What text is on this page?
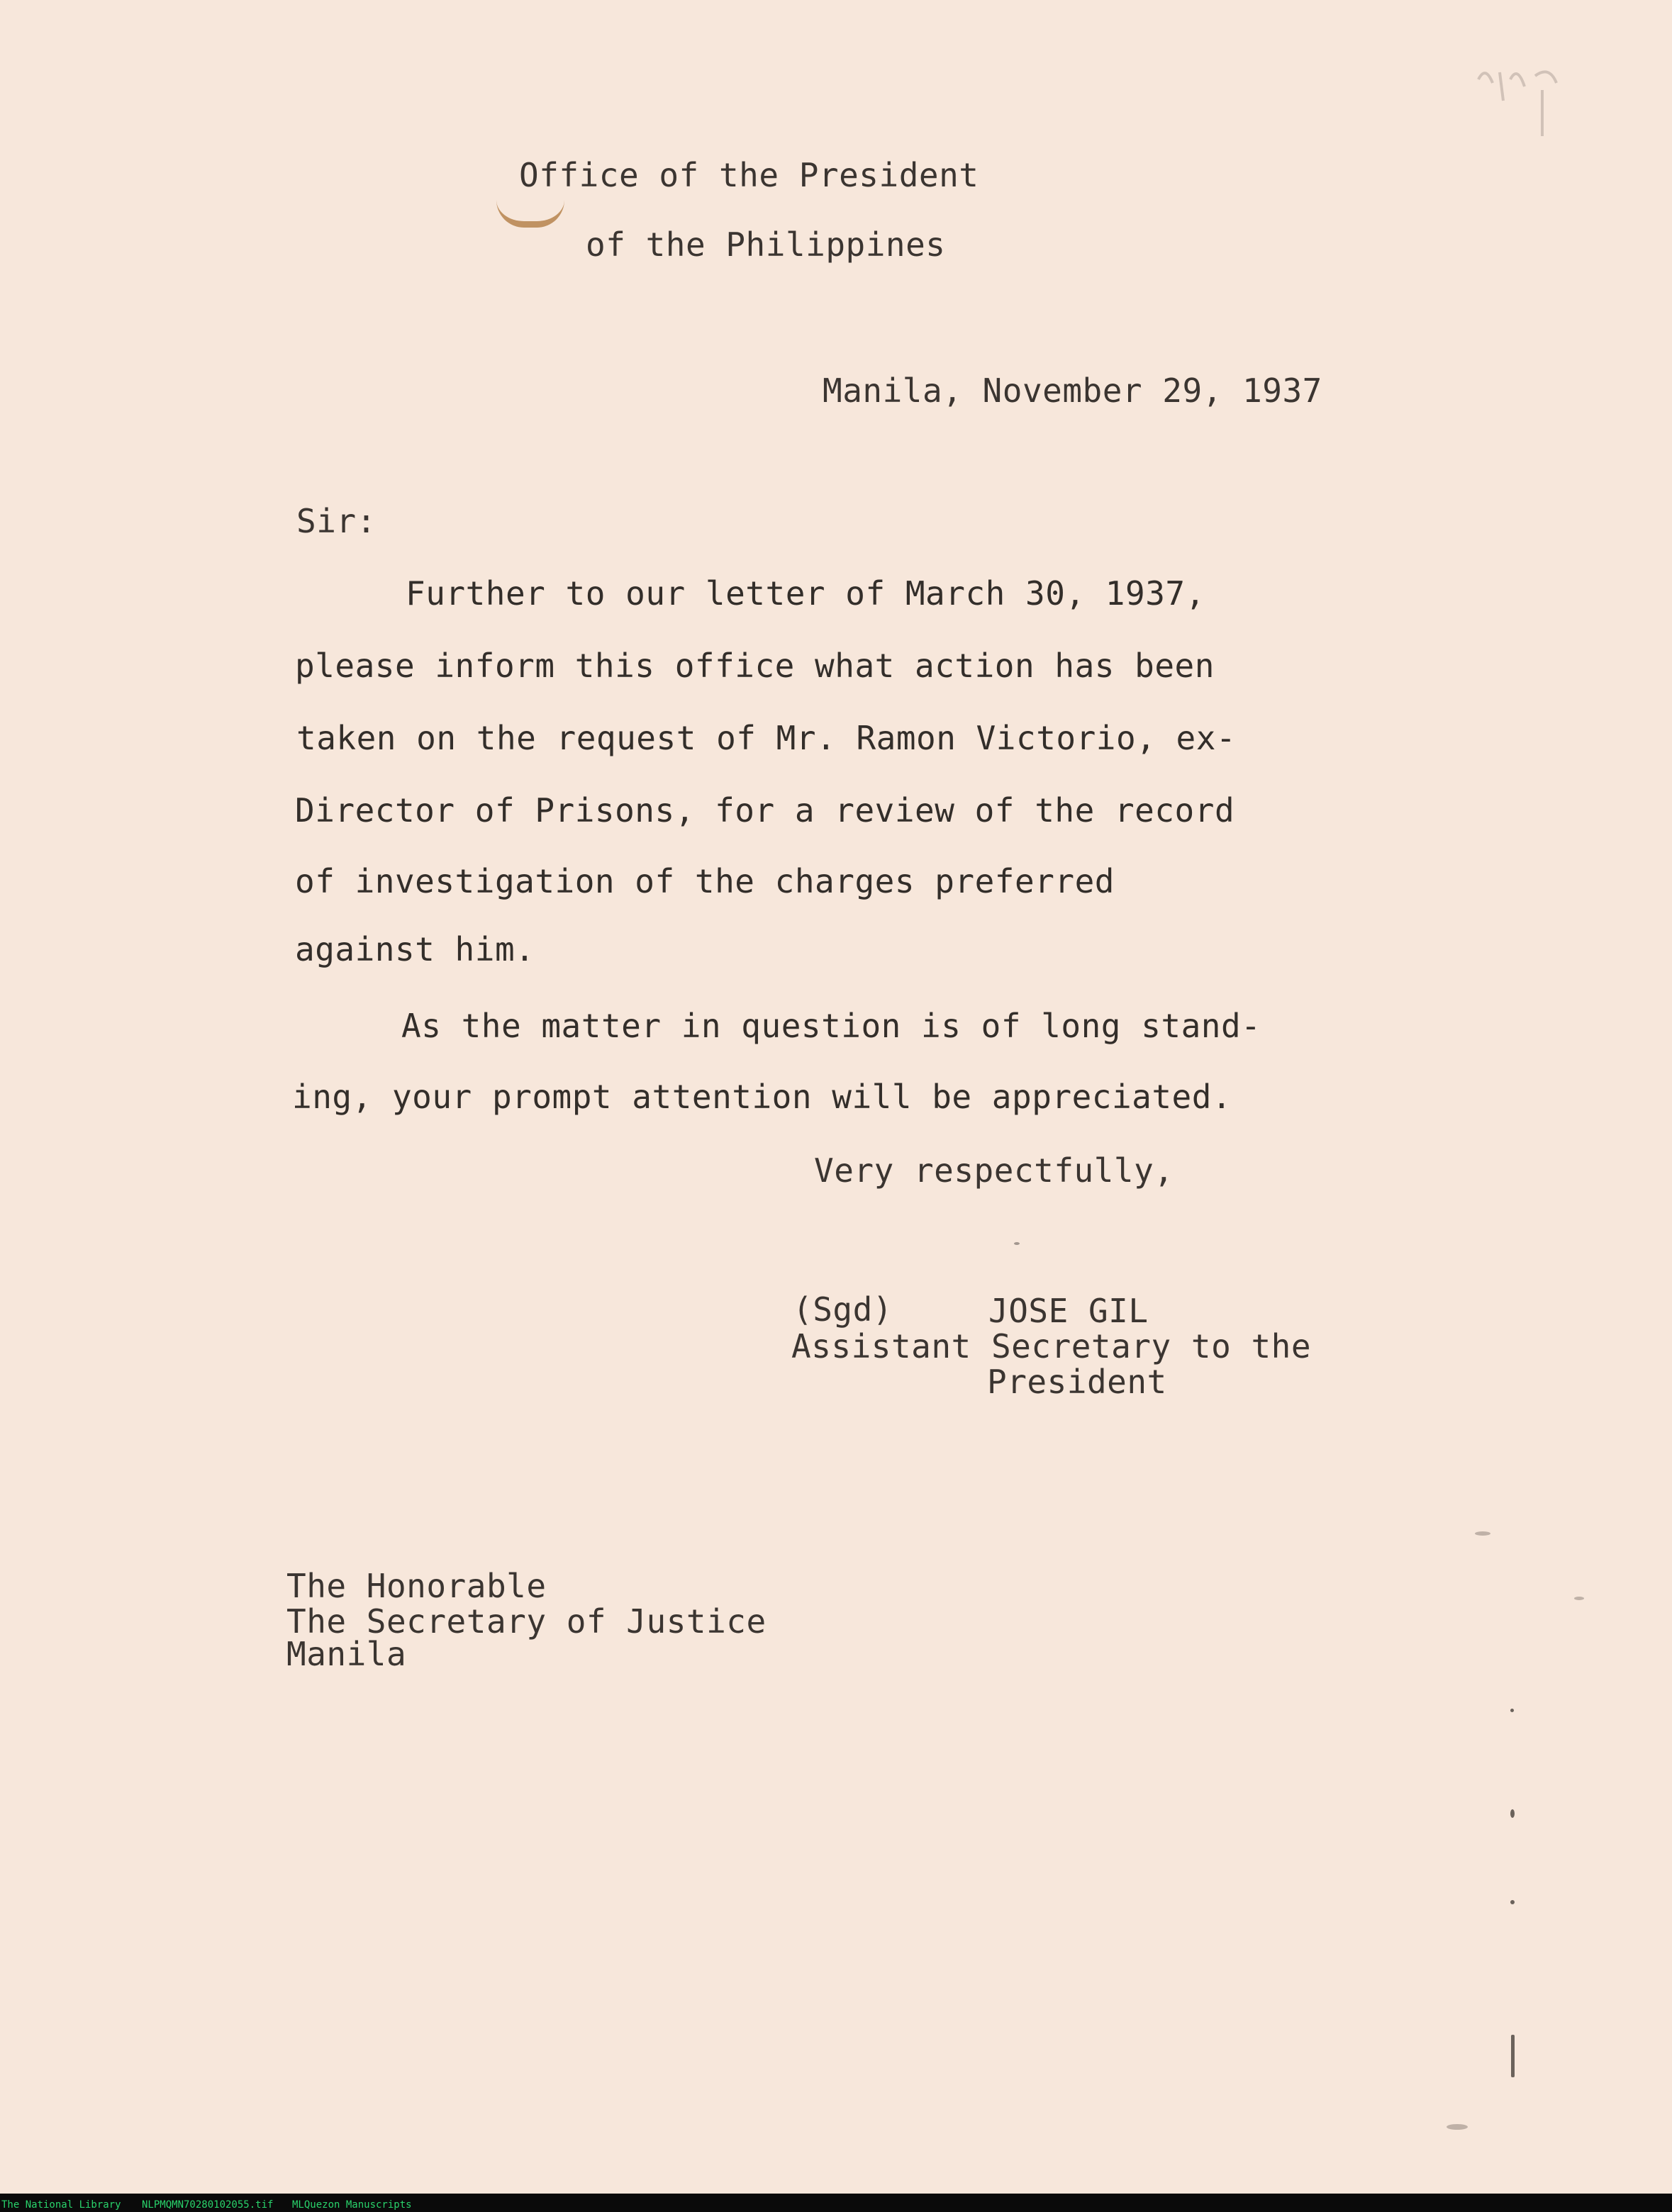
Office of the President
of the Philippines
Manila, November 29, 1937
Sir:
Further to our letter of March 30, 1937,
please inform this office what action has been
taken on the request of Mr. Ramon Victorio, ex-
Director of Prisons, for a review of the record
of investigation of the charges preferred
against him.
As the matter in question is of long stand-
ing, your prompt attention will be appreciated.
Very respectfully,
(Sgd)	JOSE GIL
Assistant Secretary to the
President
The Honorable
The Secretary of Justice
Manila
The National Library NLPMQMN70280102055.tif MLQuezon Manuscripts
